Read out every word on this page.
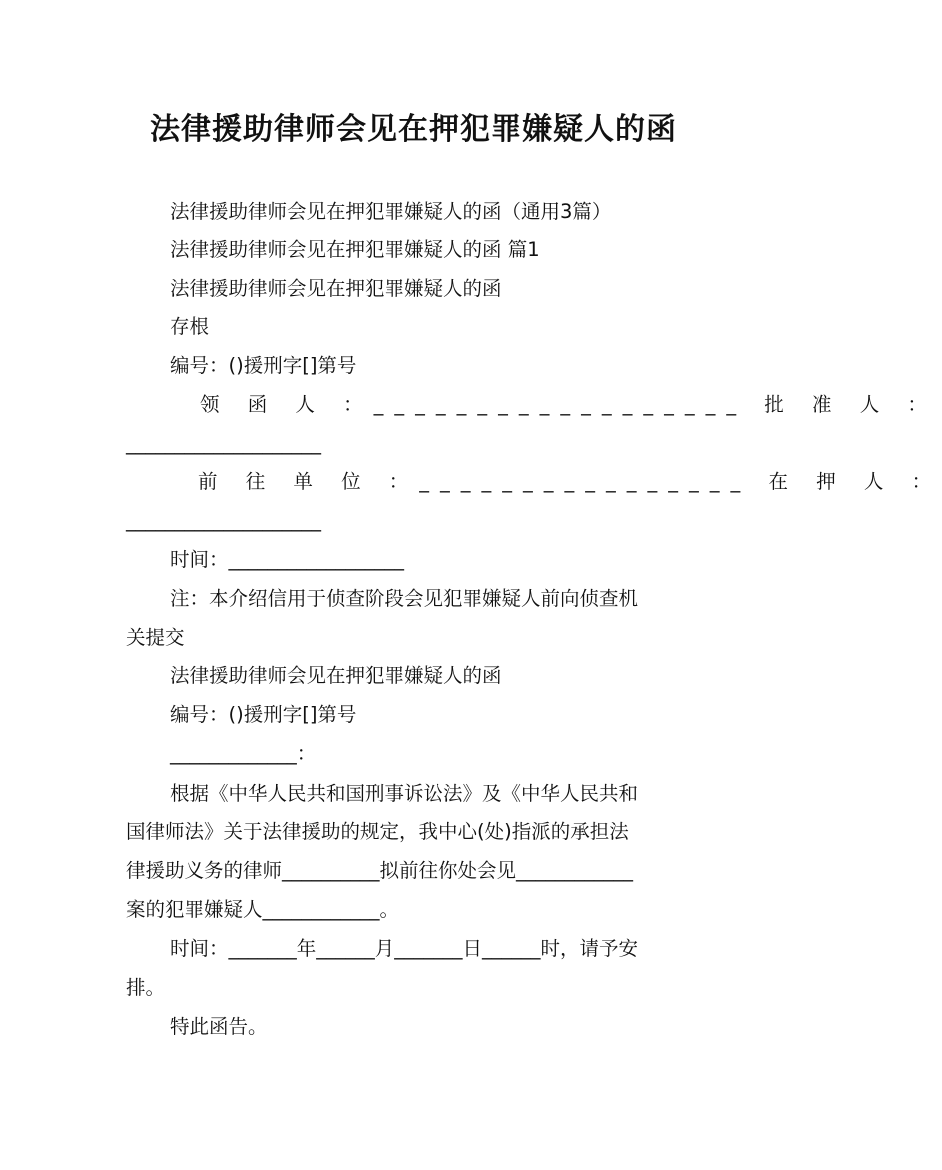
法律援助律师会见在押犯罪嫌疑人的函
法律援助律师会见在押犯罪嫌疑人的函（通用3篇）
法律援助律师会见在押犯罪嫌疑人的函 篇1
法律援助律师会见在押犯罪嫌疑人的函
存根
编号：()援刑字[]第号
领 函 人 ：__________________ 批 准 人 ：
____________________
前 往 单 位 ：________________ 在 押 人 ：
____________________
时间：__________________
注：本介绍信用于侦查阶段会见犯罪嫌疑人前向侦查机
关提交
法律援助律师会见在押犯罪嫌疑人的函
编号：()援刑字[]第号
_____________：
根据《中华人民共和国刑事诉讼法》及《中华人民共和
国律师法》关于法律援助的规定，我中心(处)指派的承担法
律援助义务的律师__________拟前往你处会见____________
案的犯罪嫌疑人____________。
时间：_______年______月_______日______时，请予安
排。
特此函告。
